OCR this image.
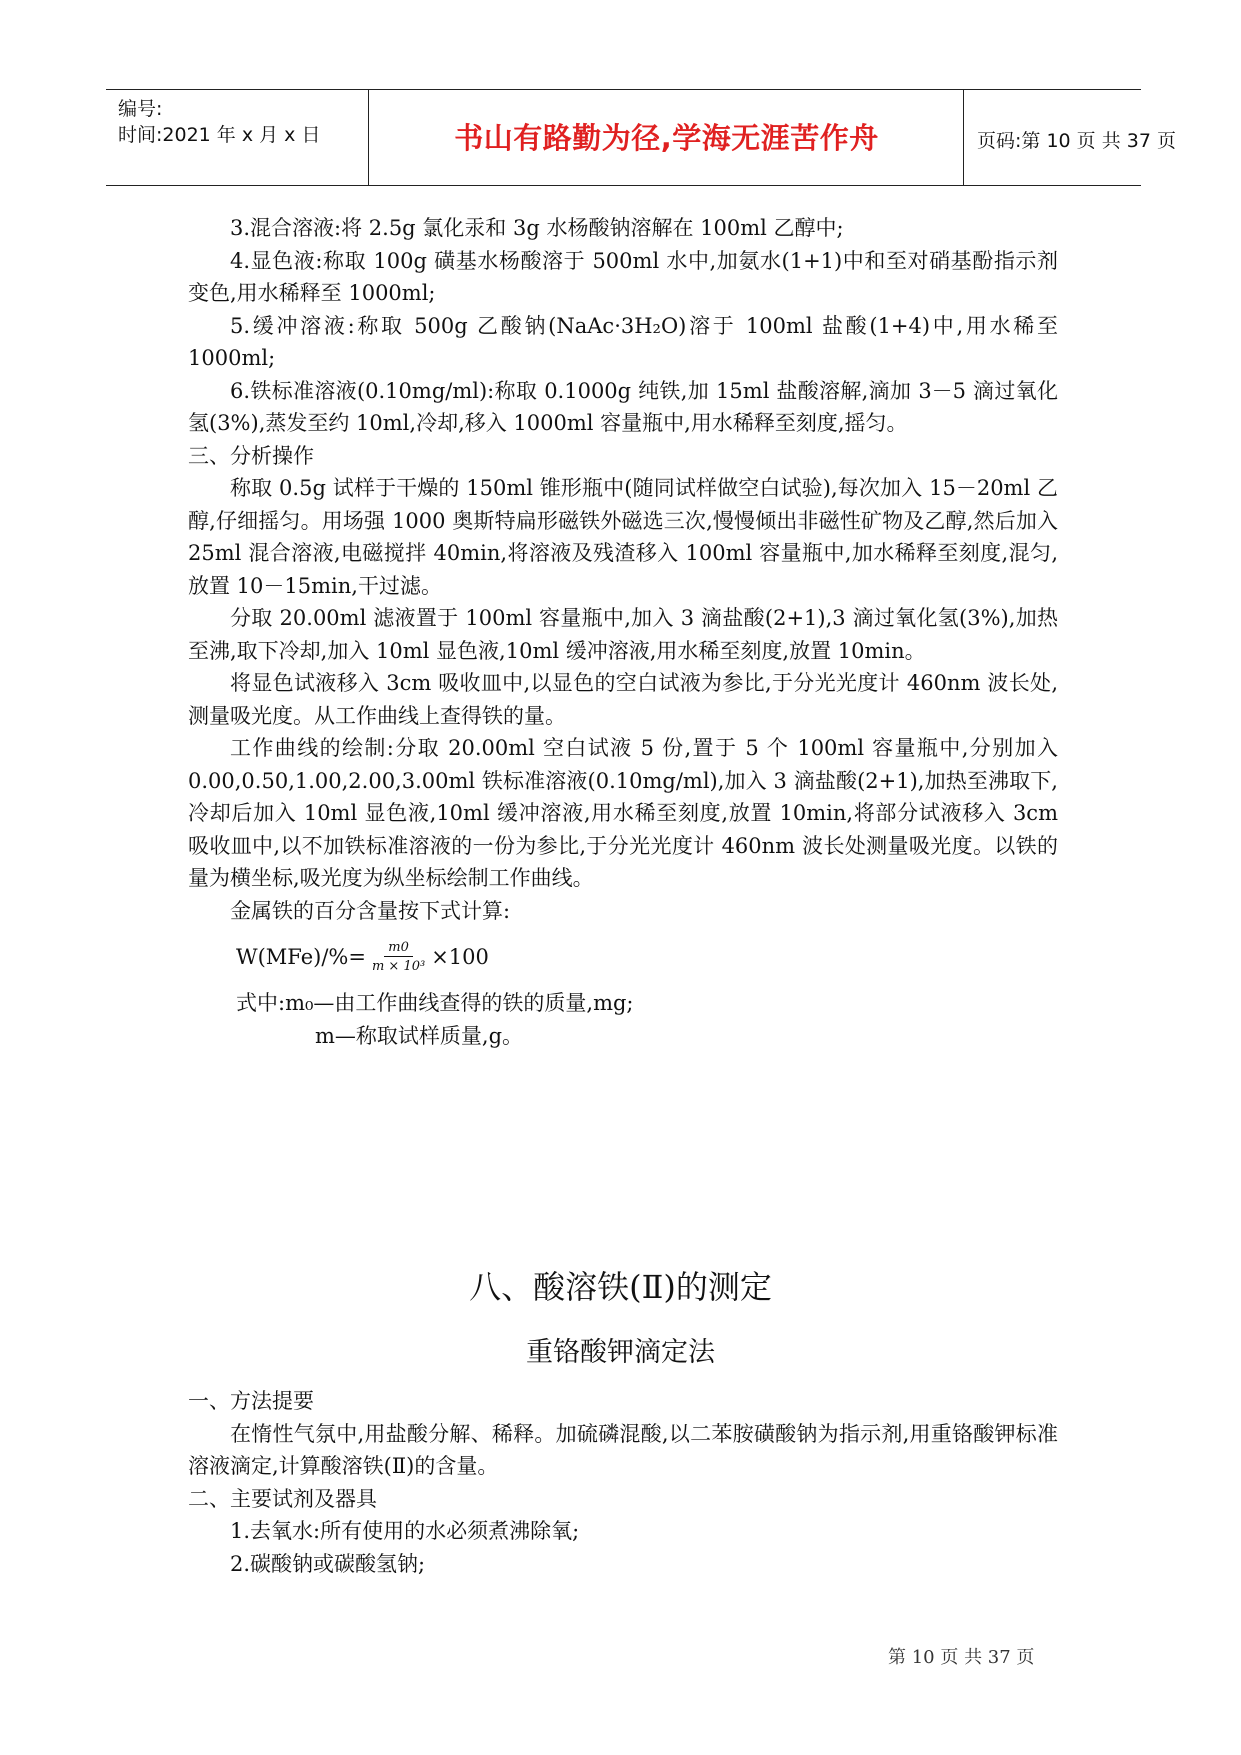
编号:
时间:2021 年 x 月 x 日	书山有路勤为径,学海无涯苦作舟	页码:第 10 页 共 37 页

3.混合溶液:将 2.5g 氯化汞和 3g 水杨酸钠溶解在 100ml 乙醇中;

4.显色液:称取 100g 磺基水杨酸溶于 500ml 水中,加氨水(1+1)中和至对硝基酚指示剂变色,用水稀释至 1000ml;

5.缓冲溶液:称取 500g 乙酸钠(NaAc·3H₂O)溶于 100ml 盐酸(1+4)中,用水稀至 1000ml;

6.铁标准溶液(0.10mg/ml):称取 0.1000g 纯铁,加 15ml 盐酸溶解,滴加 3－5 滴过氧化氢(3%),蒸发至约 10ml,冷却,移入 1000ml 容量瓶中,用水稀释至刻度,摇匀。

三、分析操作

称取 0.5g 试样于干燥的 150ml 锥形瓶中(随同试样做空白试验),每次加入 15－20ml 乙醇,仔细摇匀。用场强 1000 奥斯特扁形磁铁外磁选三次,慢慢倾出非磁性矿物及乙醇,然后加入 25ml 混合溶液,电磁搅拌 40min,将溶液及残渣移入 100ml 容量瓶中,加水稀释至刻度,混匀,放置 10－15min,干过滤。

分取 20.00ml 滤液置于 100ml 容量瓶中,加入 3 滴盐酸(2+1),3 滴过氧化氢(3%),加热至沸,取下冷却,加入 10ml 显色液,10ml 缓冲溶液,用水稀至刻度,放置 10min。

将显色试液移入 3cm 吸收皿中,以显色的空白试液为参比,于分光光度计 460nm 波长处,测量吸光度。从工作曲线上查得铁的量。

工作曲线的绘制:分取 20.00ml 空白试液 5 份,置于 5 个 100ml 容量瓶中,分别加入 0.00,0.50,1.00,2.00,3.00ml 铁标准溶液(0.10mg/ml),加入 3 滴盐酸(2+1),加热至沸取下,冷却后加入 10ml 显色液,10ml 缓冲溶液,用水稀至刻度,放置 10min,将部分试液移入 3cm 吸收皿中,以不加铁标准溶液的一份为参比,于分光光度计 460nm 波长处测量吸光度。以铁的量为横坐标,吸光度为纵坐标绘制工作曲线。

金属铁的百分含量按下式计算:

$W(MFe)/\%= \frac{m0}{\text{m × 10³}} \times 100$

式中:m₀—由工作曲线查得的铁的质量,mg;

m—称取试样质量,g。

八、酸溶铁(Ⅱ)的测定
重铬酸钾滴定法

一、方法提要

在惰性气氛中,用盐酸分解、稀释。加硫磷混酸,以二苯胺磺酸钠为指示剂,用重铬酸钾标准溶液滴定,计算酸溶铁(Ⅱ)的含量。

二、主要试剂及器具

1.去氧水:所有使用的水必须煮沸除氧;

2.碳酸钠或碳酸氢钠;

第 10 页 共 37 页
